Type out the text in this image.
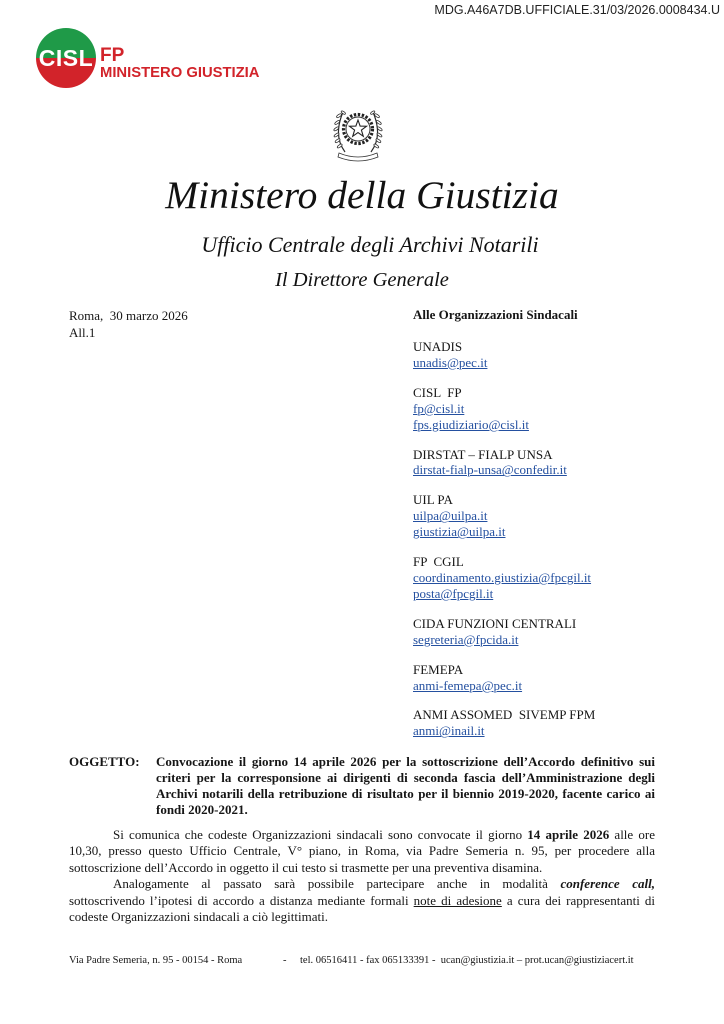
MDG.A46A7DB.UFFICIALE.31/03/2026.0008434.U
CISL FP
MINISTERO GIUSTIZIA
Ministero della Giustizia
Ufficio Centrale degli Archivi Notarili
Il Direttore Generale
Roma,  30 marzo 2026
All.1
Alle Organizzazioni Sindacali
UNADIS
unadis@pec.it
CISL  FP
fp@cisl.it
fps.giudiziario@cisl.it
DIRSTAT – FIALP UNSA
dirstat-fialp-unsa@confedir.it
UIL PA
uilpa@uilpa.it
giustizia@uilpa.it
FP  CGIL
coordinamento.giustizia@fpcgil.it
posta@fpcgil.it
CIDA FUNZIONI CENTRALI
segreteria@fpcida.it
FEMEPA
anmi-femepa@pec.it
ANMI ASSOMED  SIVEMP FPM
anmi@inail.it
OGGETTO: Convocazione il giorno 14 aprile 2026 per la sottoscrizione dell’Accordo definitivo sui
criteri per la corresponsione ai dirigenti di seconda fascia dell’Amministrazione degli
Archivi notarili della retribuzione di risultato per il biennio 2019-2020, facente carico ai
fondi 2020-2021.
Si comunica che codeste Organizzazioni sindacali sono convocate il giorno 14 aprile 2026 alle ore
10,30, presso questo Ufficio Centrale, V° piano, in Roma, via Padre Semeria n. 95, per procedere alla
sottoscrizione dell’Accordo in oggetto il cui testo si trasmette per una preventiva disamina.
Analogamente al passato sarà possibile partecipare anche in modalità conference call,
sottoscrivendo l’ipotesi di accordo a distanza mediante formali note di adesione a cura dei rappresentanti di
codeste Organizzazioni sindacali a ciò legittimati.
Via Padre Semeria, n. 95 - 00154 - Roma	- tel. 06516411 - fax 065133391 -  ucan@giustizia.it – prot.ucan@giustiziacert.it
